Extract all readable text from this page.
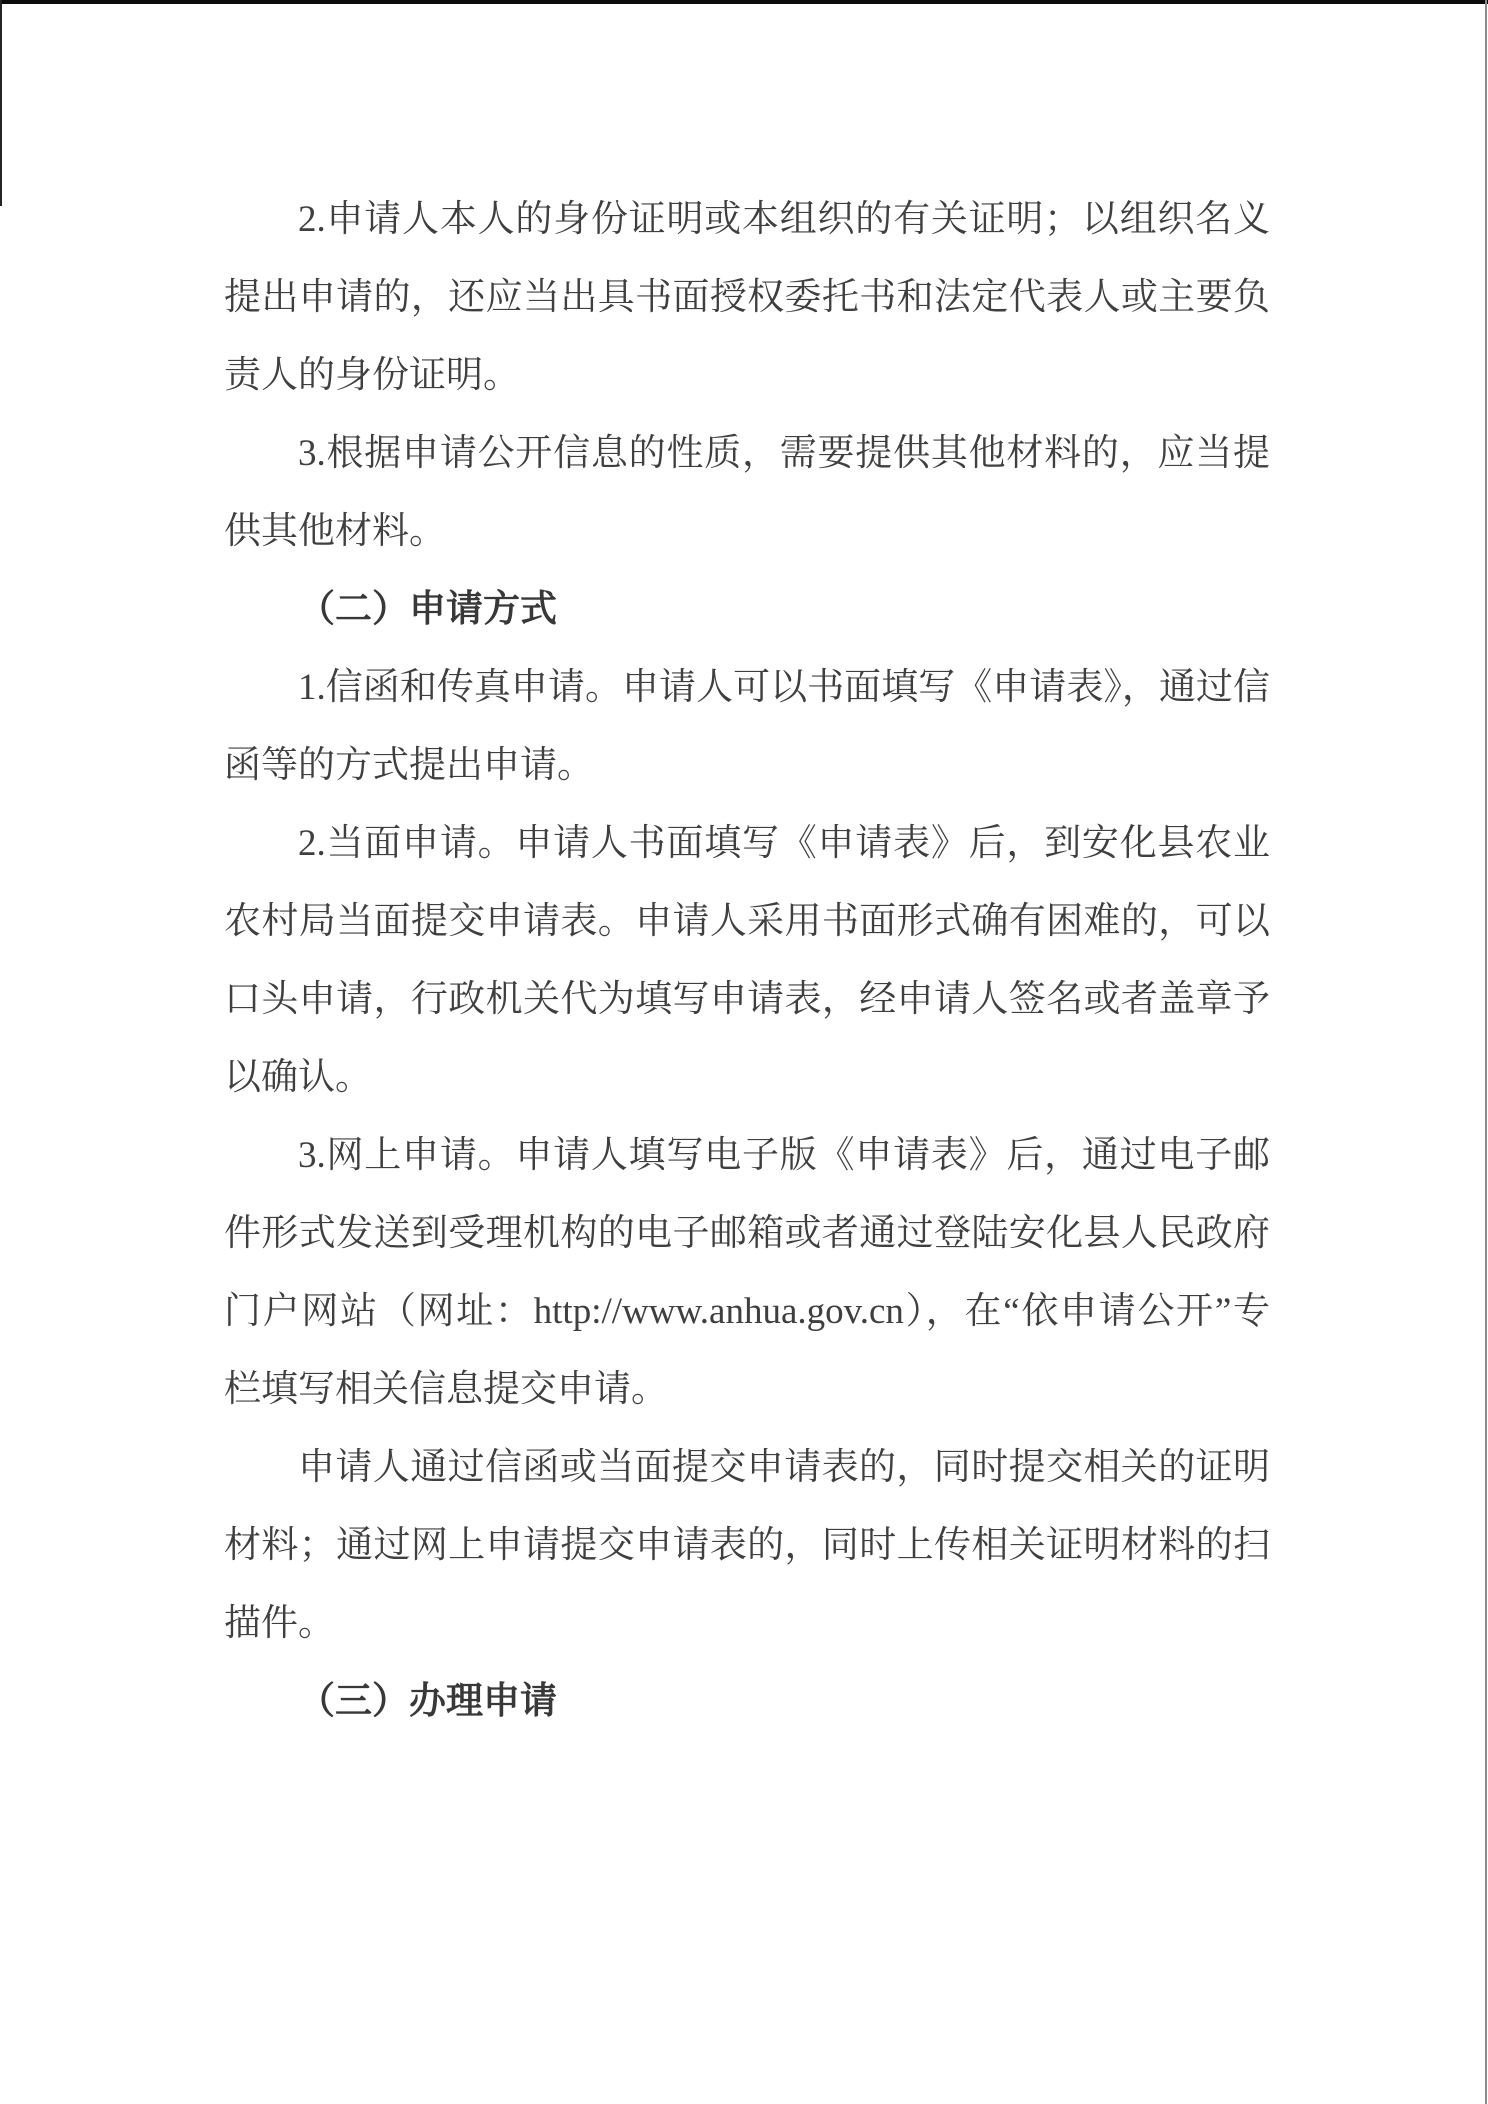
2.申请人本人的身份证明或本组织的有关证明；以组织名义提出申请的，还应当出具书面授权委托书和法定代表人或主要负责人的身份证明。

3.根据申请公开信息的性质，需要提供其他材料的，应当提供其他材料。

（二）申请方式

1.信函和传真申请。申请人可以书面填写《申请表》，通过信函等的方式提出申请。

2.当面申请。申请人书面填写《申请表》后，到安化县农业农村局当面提交申请表。申请人采用书面形式确有困难的，可以口头申请，行政机关代为填写申请表，经申请人签名或者盖章予以确认。

3.网上申请。申请人填写电子版《申请表》后，通过电子邮件形式发送到受理机构的电子邮箱或者通过登陆安化县人民政府门户网站（网址：http://www.anhua.gov.cn），在“依申请公开”专栏填写相关信息提交申请。

申请人通过信函或当面提交申请表的，同时提交相关的证明材料；通过网上申请提交申请表的，同时上传相关证明材料的扫描件。

（三）办理申请
